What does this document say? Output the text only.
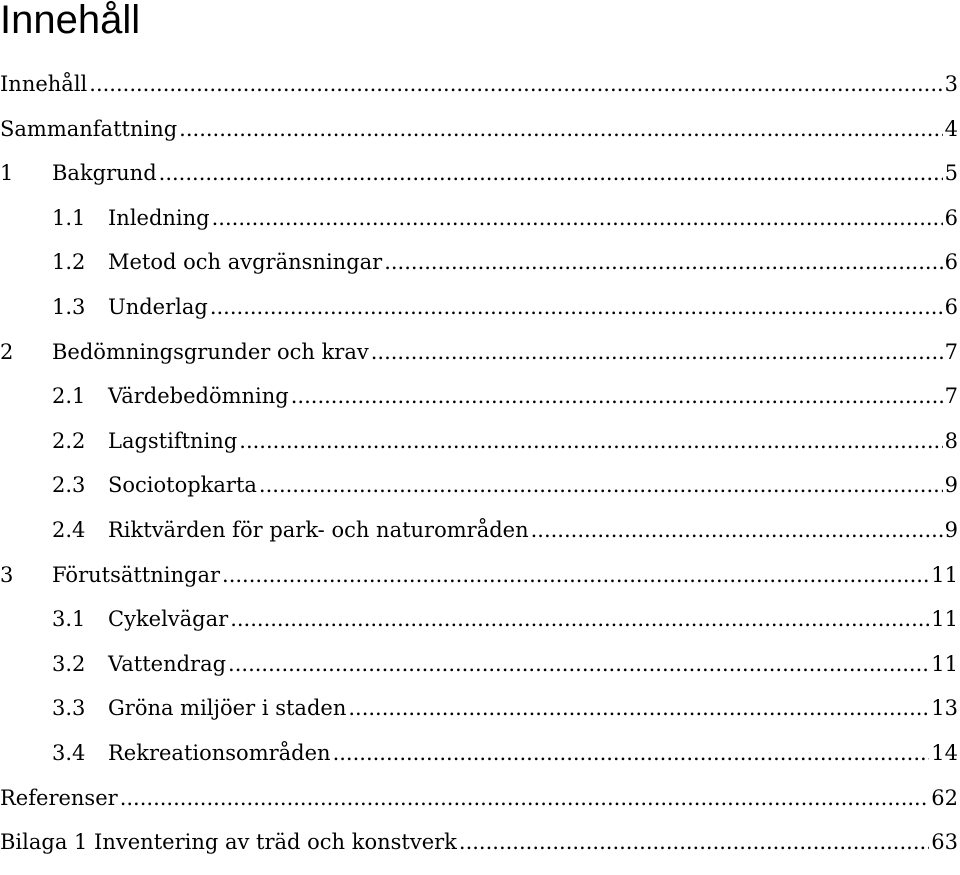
Innehåll
Innehåll .....	3
Sammanfattning .....	4
1	Bakgrund .....	5
1.1	Inledning .....	6
1.2	Metod och avgränsningar .....	6
1.3	Underlag .....	6
2	Bedömningsgrunder och krav .....	7
2.1	Värdebedömning .....	7
2.2	Lagstiftning .....	8
2.3	Sociotopkarta .....	9
2.4	Riktvärden för park- och naturområden .....	9
3	Förutsättningar .....	11
3.1	Cykelvägar .....	11
3.2	Vattendrag .....	11
3.3	Gröna miljöer i staden .....	13
3.4	Rekreationsområden .....	14
Referenser .....	62
Bilaga 1 Inventering av träd och konstverk .....	63
